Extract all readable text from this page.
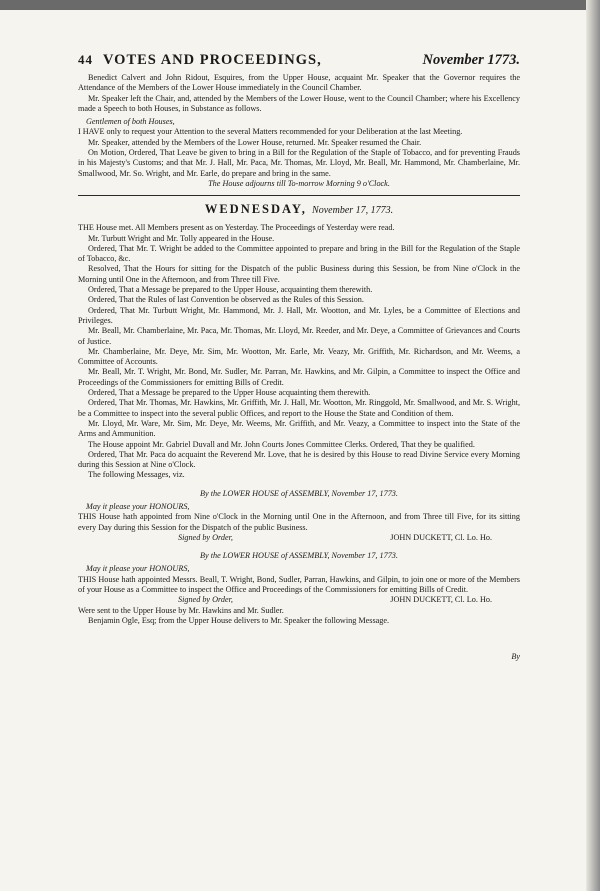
44 VOTES AND PROCEEDINGS,	November 1773.

Benedict Calvert and John Ridout, Esquires, from the Upper House, acquaint Mr. Speaker that the Governor requires the Attendance of the Members of the Lower House immediately in the Council Chamber.

Mr. Speaker left the Chair, and, attended by the Members of the Lower House, went to the Council Chamber; where his Excellency made a Speech to both Houses, in Substance as follows.

Gentlemen of both Houses,

I HAVE only to request your Attention to the several Matters recommended for your Deliberation at the last Meeting.

Mr. Speaker, attended by the Members of the Lower House, returned. Mr. Speaker resumed the Chair.

On Motion, Ordered, That Leave be given to bring in a Bill for the Regulation of the Staple of Tobacco, and for preventing Frauds in his Majesty's Customs; and that Mr. J. Hall, Mr. Paca, Mr. Thomas, Mr. Lloyd, Mr. Beall, Mr. Hammond, Mr. Chamberlaine, Mr. Smallwood, Mr. So. Wright, and Mr. Earle, do prepare and bring in the same.

The House adjourns till To-morrow Morning 9 o'Clock.

WEDNESDAY, November 17, 1773.

THE House met. All Members present as on Yesterday. The Proceedings of Yesterday were read.

Mr. Turbutt Wright and Mr. Tolly appeared in the House.

Ordered, That Mr. T. Wright be added to the Committee appointed to prepare and bring in the Bill for the Regulation of the Staple of Tobacco, &c.

Resolved, That the Hours for sitting for the Dispatch of the public Business during this Session, be from Nine o'Clock in the Morning until One in the Afternoon, and from Three till Five.

Ordered, That a Message be prepared to the Upper House, acquainting them therewith.

Ordered, That the Rules of last Convention be observed as the Rules of this Session.

Ordered, That Mr. Turbutt Wright, Mr. Hammond, Mr. J. Hall, Mr. Wootton, and Mr. Lyles, be a Committee of Elections and Privileges.

Mr. Beall, Mr. Chamberlaine, Mr. Paca, Mr. Thomas, Mr. Lloyd, Mr. Reeder, and Mr. Deye, a Committee of Grievances and Courts of Justice.

Mr. Chamberlaine, Mr. Deye, Mr. Sim, Mr. Wootton, Mr. Earle, Mr. Veazy, Mr. Griffith, Mr. Richardson, and Mr. Weems, a Committee of Accounts.

Mr. Beall, Mr. T. Wright, Mr. Bond, Mr. Sudler, Mr. Parran, Mr. Hawkins, and Mr. Gilpin, a Committee to inspect the Office and Proceedings of the Commissioners for emitting Bills of Credit.

Ordered, That a Message be prepared to the Upper House acquainting them therewith.

Ordered, That Mr. Thomas, Mr. Hawkins, Mr. Griffith, Mr. J. Hall, Mr. Wootton, Mr. Ringgold, Mr. Smallwood, and Mr. S. Wright, be a Committee to inspect into the several public Offices, and report to the House the State and Condition of them.

Mr. Lloyd, Mr. Ware, Mr. Sim, Mr. Deye, Mr. Weems, Mr. Griffith, and Mr. Veazy, a Committee to inspect into the State of the Arms and Ammunition.

The House appoint Mr. Gabriel Duvall and Mr. John Courts Jones Committee Clerks. Ordered, That they be qualified.

Ordered, That Mr. Paca do acquaint the Reverend Mr. Love, that he is desired by this House to read Divine Service every Morning during this Session at Nine o'Clock.

The following Messages, viz.

By the LOWER HOUSE of ASSEMBLY, November 17, 1773.

May it please your HONOURS,

THIS House hath appointed from Nine o'Clock in the Morning until One in the Afternoon, and from Three till Five, for its sitting every Day during this Session for the Dispatch of the public Business.

Signed by Order,	JOHN DUCKETT, Cl. Lo. Ho.

By the LOWER HOUSE of ASSEMBLY, November 17, 1773.

May it please your HONOURS,

THIS House hath appointed Messrs. Beall, T. Wright, Bond, Sudler, Parran, Hawkins, and Gilpin, to join one or more of the Members of your House as a Committee to inspect the Office and Proceedings of the Commissioners for emitting Bills of Credit.

Signed by Order,	JOHN DUCKETT, Cl. Lo. Ho.

Were sent to the Upper House by Mr. Hawkins and Mr. Sudler.

Benjamin Ogle, Esq; from the Upper House delivers to Mr. Speaker the following Message.

By
